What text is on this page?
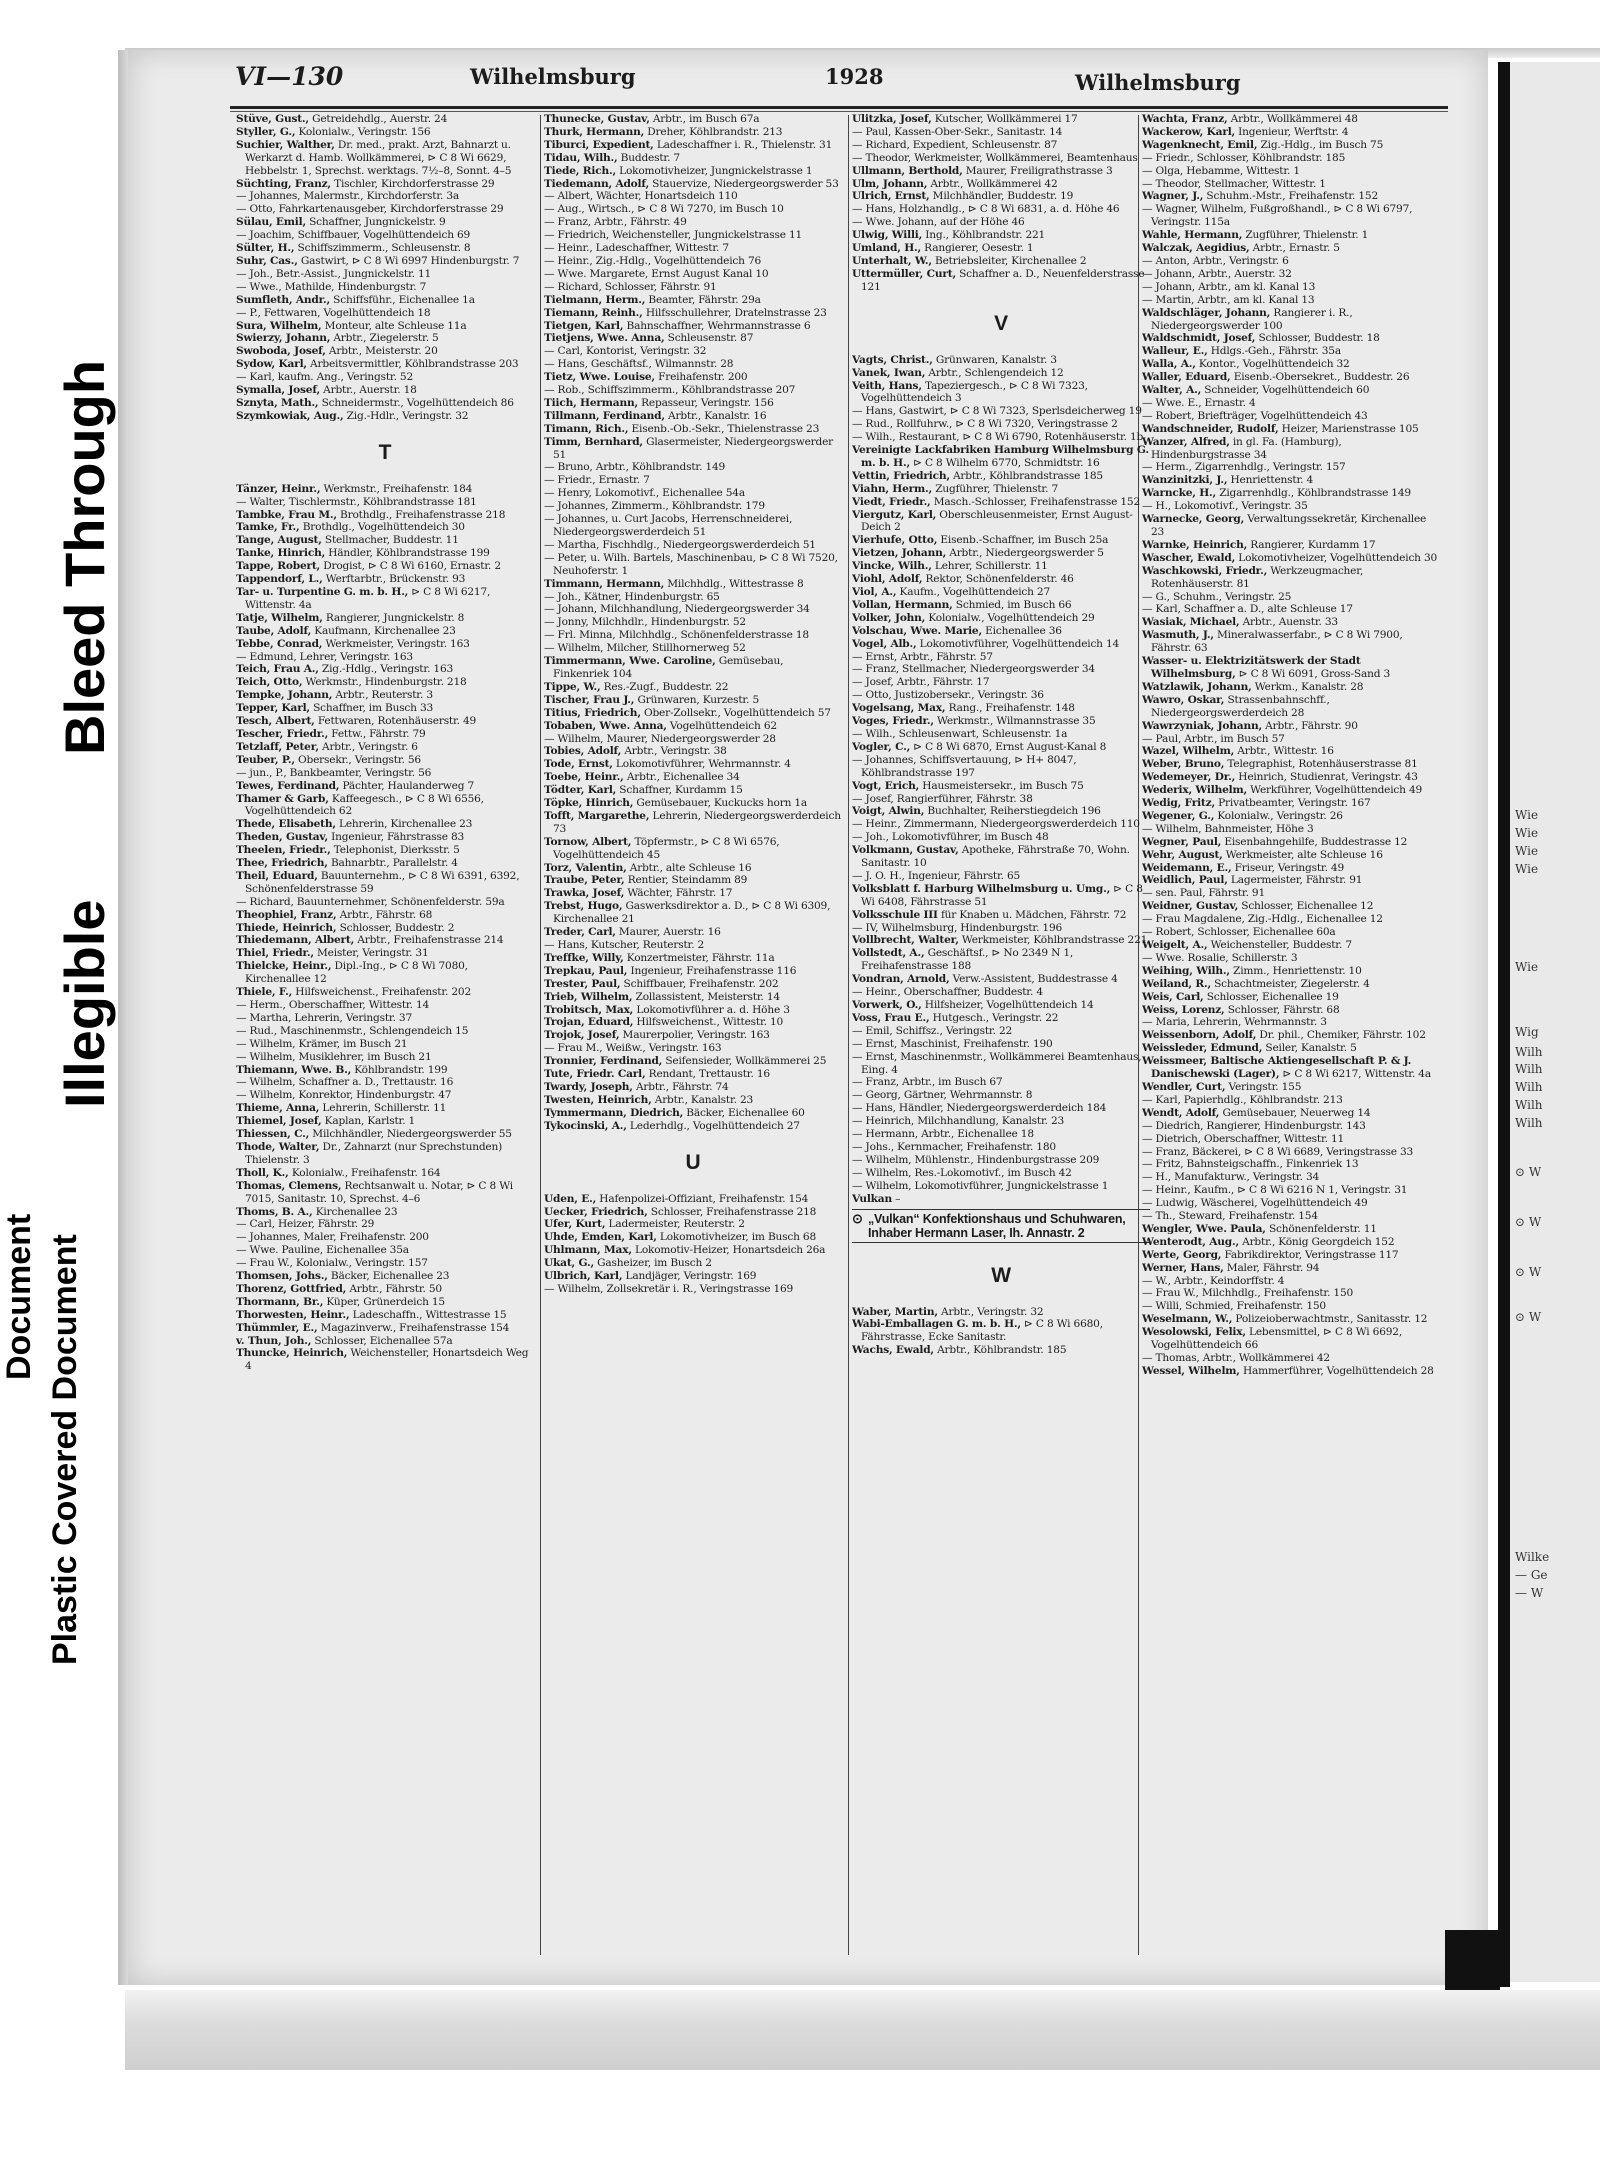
Bleed Through
Illegible
Plastic Covered Document
Document
Wie
Wie
Wie
Wie
Wie
Wig
Wilh
Wilh
Wilh
Wilh
Wilh
⊙ W
⊙ W
⊙ W
⊙ W
Wilke
— Ge
— W
VI—130	Wilhelmsburg	1928	Wilhelmsburg

Stüve, Gust., Getreidehdlg., Auerstr. 24

Styller, G., Kolonialw., Veringstr. 156

Suchier, Walther, Dr. med., prakt. Arzt, Bahnarzt u. Werkarzt d. Hamb. Wollkämmerei, ⊳ C 8 Wi 6629, Hebbelstr. 1, Sprechst. werktags. 7½–8, Sonnt. 4–5

Süchting, Franz, Tischler, Kirchdorferstrasse 29

— Johannes, Malermstr., Kirchdorferstr. 3a

— Otto, Fahrkartenausgeber, Kirchdorferstrasse 29

Sülau, Emil, Schaffner, Jungnickelstr. 9

— Joachim, Schiffbauer, Vogelhüttendeich 69

Sülter, H., Schiffszimmerm., Schleusenstr. 8

Suhr, Cas., Gastwirt, ⊳ C 8 Wi 6997 Hindenburgstr. 7

— Joh., Betr.-Assist., Jungnickelstr. 11

— Wwe., Mathilde, Hindenburgstr. 7

Sumfleth, Andr., Schiffsführ., Eichenallee 1a

— P., Fettwaren, Vogelhüttendeich 18

Sura, Wilhelm, Monteur, alte Schleuse 11a

Swierzy, Johann, Arbtr., Ziegelerstr. 5

Swoboda, Josef, Arbtr., Meisterstr. 20

Sydow, Karl, Arbeitsvermittler, Köhlbrandstrasse 203

— Karl, kaufm. Ang., Veringstr. 52

Symalla, Josef, Arbtr., Auerstr. 18

Sznyta, Math., Schneidermstr., Vogelhüttendeich 86

Szymkowiak, Aug., Zig.-Hdlr., Veringstr. 32

T

Tänzer, Heinr., Werkmstr., Freihafenstr. 184

— Walter, Tischlermstr., Köhlbrandstrasse 181

Tambke, Frau M., Brothdlg., Freihafenstrasse 218

Tamke, Fr., Brothdlg., Vogelhüttendeich 30

Tange, August, Stellmacher, Buddestr. 11

Tanke, Hinrich, Händler, Köhlbrandstrasse 199

Tappe, Robert, Drogist, ⊳ C 8 Wi 6160, Ernastr. 2

Tappendorf, L., Werftarbtr., Brückenstr. 93

Tar- u. Turpentine G. m. b. H., ⊳ C 8 Wi 6217, Wittenstr. 4a

Tatje, Wilhelm, Rangierer, Jungnickelstr. 8

Taube, Adolf, Kaufmann, Kirchenallee 23

Tebbe, Conrad, Werkmeister, Veringstr. 163

— Edmund, Lehrer, Veringstr. 163

Teich, Frau A., Zig.-Hdlg., Veringstr. 163

Teich, Otto, Werkmstr., Hindenburgstr. 218

Tempke, Johann, Arbtr., Reuterstr. 3

Tepper, Karl, Schaffner, im Busch 33

Tesch, Albert, Fettwaren, Rotenhäuserstr. 49

Tescher, Friedr., Fettw., Fährstr. 79

Tetzlaff, Peter, Arbtr., Veringstr. 6

Teuber, P., Obersekr., Veringstr. 56

— jun., P., Bankbeamter, Veringstr. 56

Tewes, Ferdinand, Pächter, Haulanderweg 7

Thamer & Garb, Kaffeegesch., ⊳ C 8 Wi 6556, Vogelhüttendeich 62

Thede, Elisabeth, Lehrerin, Kirchenallee 23

Theden, Gustav, Ingenieur, Fährstrasse 83

Theelen, Friedr., Telephonist, Dierksstr. 5

Thee, Friedrich, Bahnarbtr., Parallelstr. 4

Theil, Eduard, Bauunternehm., ⊳ C 8 Wi 6391, 6392, Schönenfelderstrasse 59

— Richard, Bauunternehmer, Schönenfelderstr. 59a

Theophiel, Franz, Arbtr., Fährstr. 68

Thiede, Heinrich, Schlosser, Buddestr. 2

Thiedemann, Albert, Arbtr., Freihafenstrasse 214

Thiel, Friedr., Meister, Veringstr. 31

Thielcke, Heinr., Dipl.-Ing., ⊳ C 8 Wi 7080, Kirchenallee 12

Thiele, F., Hilfsweichenst., Freihafenstr. 202

— Herm., Oberschaffner, Wittestr. 14

— Martha, Lehrerin, Veringstr. 37

— Rud., Maschinenmstr., Schlengendeich 15

— Wilhelm, Krämer, im Busch 21

— Wilhelm, Musiklehrer, im Busch 21

Thiemann, Wwe. B., Köhlbrandstr. 199

— Wilhelm, Schaffner a. D., Trettaustr. 16

— Wilhelm, Konrektor, Hindenburgstr. 47

Thieme, Anna, Lehrerin, Schillerstr. 11

Thiemel, Josef, Kaplan, Karlstr. 1

Thiessen, C., Milchhändler, Niedergeorgswerder 55

Thode, Walter, Dr., Zahnarzt (nur Sprechstunden) Thielenstr. 3

Tholl, K., Kolonialw., Freihafenstr. 164

Thomas, Clemens, Rechtsanwalt u. Notar, ⊳ C 8 Wi 7015, Sanitastr. 10, Sprechst. 4–6

Thoms, B. A., Kirchenallee 23

— Carl, Heizer, Fährstr. 29

— Johannes, Maler, Freihafenstr. 200

— Wwe. Pauline, Eichenallee 35a

— Frau W., Kolonialw., Veringstr. 157

Thomsen, Johs., Bäcker, Eichenallee 23

Thorenz, Gottfried, Arbtr., Fährstr. 50

Thormann, Br., Küper, Grünerdeich 15

Thorwesten, Heinr., Ladeschaffn., Wittestrasse 15

Thümmler, E., Magazinverw., Freihafenstrasse 154

v. Thun, Joh., Schlosser, Eichenallee 57a

Thuncke, Heinrich, Weichensteller, Honartsdeich Weg 4

Thunecke, Gustav, Arbtr., im Busch 67a

Thurk, Hermann, Dreher, Köhlbrandstr. 213

Tiburci, Expedient, Ladeschaffner i. R., Thielenstr. 31

Tidau, Wilh., Buddestr. 7

Tiede, Rich., Lokomotivheizer, Jungnickelstrasse 1

Tiedemann, Adolf, Stauervize, Niedergeorgswerder 53

— Albert, Wächter, Honartsdeich 110

— Aug., Wirtsch., ⊳ C 8 Wi 7270, im Busch 10

— Franz, Arbtr., Fährstr. 49

— Friedrich, Weichensteller, Jungnickelstrasse 11

— Heinr., Ladeschaffner, Wittestr. 7

— Heinr., Zig.-Hdlg., Vogelhüttendeich 76

— Wwe. Margarete, Ernst August Kanal 10

— Richard, Schlosser, Fährstr. 91

Tielmann, Herm., Beamter, Fährstr. 29a

Tiemann, Reinh., Hilfsschullehrer, Dratelnstrasse 23

Tietgen, Karl, Bahnschaffner, Wehrmannstrasse 6

Tietjens, Wwe. Anna, Schleusenstr. 87

— Carl, Kontorist, Veringstr. 32

— Hans, Geschäftsf., Wilmannstr. 28

Tietz, Wwe. Louise, Freihafenstr. 200

— Rob., Schiffszimmerm., Köhlbrandstrasse 207

Tiich, Hermann, Repasseur, Veringstr. 156

Tillmann, Ferdinand, Arbtr., Kanalstr. 16

Timann, Rich., Eisenb.-Ob.-Sekr., Thielenstrasse 23

Timm, Bernhard, Glasermeister, Niedergeorgswerder 51

— Bruno, Arbtr., Köhlbrandstr. 149

— Friedr., Ernastr. 7

— Henry, Lokomotivf., Eichenallee 54a

— Johannes, Zimmerm., Köhlbrandstr. 179

— Johannes, u. Curt Jacobs, Herrenschneiderei, Niedergeorgswerderdeich 51

— Martha, Fischhdlg., Niedergeorgswerderdeich 51

— Peter, u. Wilh. Bartels, Maschinenbau, ⊳ C 8 Wi 7520, Neuhoferstr. 1

Timmann, Hermann, Milchhdlg., Wittestrasse 8

— Joh., Kätner, Hindenburgstr. 65

— Johann, Milchhandlung, Niedergeorgswerder 34

— Jonny, Milchhdlr., Hindenburgstr. 52

— Frl. Minna, Milchhdlg., Schönenfelderstrasse 18

— Wilhelm, Milcher, Stillhornerweg 52

Timmermann, Wwe. Caroline, Gemüsebau, Finkenriek 104

Tippe, W., Res.-Zugf., Buddestr. 22

Tischer, Frau J., Grünwaren, Kurzestr. 5

Titius, Friedrich, Ober-Zollsekr., Vogelhüttendeich 57

Tobaben, Wwe. Anna, Vogelhüttendeich 62

— Wilhelm, Maurer, Niedergeorgswerder 28

Tobies, Adolf, Arbtr., Veringstr. 38

Tode, Ernst, Lokomotivführer, Wehrmannstr. 4

Toebe, Heinr., Arbtr., Eichenallee 34

Tödter, Karl, Schaffner, Kurdamm 15

Töpke, Hinrich, Gemüsebauer, Kuckucks horn 1a

Tofft, Margarethe, Lehrerin, Niedergeorgswerderdeich 73

Tornow, Albert, Töpfermstr., ⊳ C 8 Wi 6576, Vogelhüttendeich 45

Torz, Valentin, Arbtr., alte Schleuse 16

Traube, Peter, Rentier, Steindamm 89

Trawka, Josef, Wächter, Fährstr. 17

Trebst, Hugo, Gaswerksdirektor a. D., ⊳ C 8 Wi 6309, Kirchenallee 21

Treder, Carl, Maurer, Auerstr. 16

— Hans, Kutscher, Reuterstr. 2

Treffke, Willy, Konzertmeister, Fährstr. 11a

Trepkau, Paul, Ingenieur, Freihafenstrasse 116

Trester, Paul, Schiffbauer, Freihafenstr. 202

Trieb, Wilhelm, Zollassistent, Meisterstr. 14

Trobitsch, Max, Lokomotivführer a. d. Höhe 3

Trojan, Eduard, Hilfsweichenst., Wittestr. 10

Trojok, Josef, Maurerpolier, Veringstr. 163

— Frau M., Weißw., Veringstr. 163

Tronnier, Ferdinand, Seifensieder, Wollkämmerei 25

Tute, Friedr. Carl, Rendant, Trettaustr. 16

Twardy, Joseph, Arbtr., Fährstr. 74

Twesten, Heinrich, Arbtr., Kanalstr. 23

Tymmermann, Diedrich, Bäcker, Eichenallee 60

Tykocinski, A., Lederhdlg., Vogelhüttendeich 27

U

Uden, E., Hafenpolizei-Offiziant, Freihafenstr. 154

Uecker, Friedrich, Schlosser, Freihafenstrasse 218

Ufer, Kurt, Ladermeister, Reuterstr. 2

Uhde, Emden, Karl, Lokomotivheizer, im Busch 68

Uhlmann, Max, Lokomotiv-Heizer, Honartsdeich 26a

Ukat, G., Gasheizer, im Busch 2

Ulbrich, Karl, Landjäger, Veringstr. 169

— Wilhelm, Zollsekretär i. R., Veringstrasse 169

Ulitzka, Josef, Kutscher, Wollkämmerei 17

— Paul, Kassen-Ober-Sekr., Sanitastr. 14

— Richard, Expedient, Schleusenstr. 87

— Theodor, Werkmeister, Wollkämmerei, Beamtenhaus

Ullmann, Berthold, Maurer, Freiligrathstrasse 3

Ulm, Johann, Arbtr., Wollkämmerei 42

Ulrich, Ernst, Milchhändler, Buddestr. 19

— Hans, Holzhandlg., ⊳ C 8 Wi 6831, a. d. Höhe 46

— Wwe. Johann, auf der Höhe 46

Ulwig, Willi, Ing., Köhlbrandstr. 221

Umland, H., Rangierer, Oesestr. 1

Unterhalt, W., Betriebsleiter, Kirchenallee 2

Uttermüller, Curt, Schaffner a. D., Neuenfelderstrasse 121

V

Vagts, Christ., Grünwaren, Kanalstr. 3

Vanek, Iwan, Arbtr., Schlengendeich 12

Veith, Hans, Tapeziergesch., ⊳ C 8 Wi 7323, Vogelhüttendeich 3

— Hans, Gastwirt, ⊳ C 8 Wi 7323, Sperlsdeicherweg 19

— Rud., Rollfuhrw., ⊳ C 8 Wi 7320, Veringstrasse 2

— Wilh., Restaurant, ⊳ C 8 Wi 6790, Rotenhäuserstr. 1b

Vereinigte Lackfabriken Hamburg Wilhelmsburg G. m. b. H., ⊳ C 8 Wilhelm 6770, Schmidtstr. 16

Vettin, Friedrich, Arbtr., Köhlbrandstrasse 185

Viahn, Herm., Zugführer, Thielenstr. 7

Viedt, Friedr., Masch.-Schlosser, Freihafenstrasse 152

Viergutz, Karl, Oberschleusenmeister, Ernst August-Deich 2

Vierhufe, Otto, Eisenb.-Schaffner, im Busch 25a

Vietzen, Johann, Arbtr., Niedergeorgswerder 5

Vincke, Wilh., Lehrer, Schillerstr. 11

Viohl, Adolf, Rektor, Schönenfelderstr. 46

Viol, A., Kaufm., Vogelhüttendeich 27

Vollan, Hermann, Schmied, im Busch 66

Volker, John, Kolonialw., Vogelhüttendeich 29

Volschau, Wwe. Marie, Eichenallee 36

Vogel, Alb., Lokomotivführer, Vogelhüttendeich 14

— Ernst, Arbtr., Fährstr. 57

— Franz, Stellmacher, Niedergeorgswerder 34

— Josef, Arbtr., Fährstr. 17

— Otto, Justizobersekr., Veringstr. 36

Vogelsang, Max, Rang., Freihafenstr. 148

Voges, Friedr., Werkmstr., Wilmannstrasse 35

— Wilh., Schleusenwart, Schleusenstr. 1a

Vogler, C., ⊳ C 8 Wi 6870, Ernst August-Kanal 8

— Johannes, Schiffsvertauung, ⊳ H+ 8047, Köhlbrandstrasse 197

Vogt, Erich, Hausmeistersekr., im Busch 75

— Josef, Rangierführer, Fährstr. 38

Voigt, Alwin, Buchhalter, Reiherstiegdeich 196

— Heinr., Zimmermann, Niedergeorgswerderdeich 110

— Joh., Lokomotivführer, im Busch 48

Volkmann, Gustav, Apotheke, Fährstraße 70, Wohn. Sanitastr. 10

— J. O. H., Ingenieur, Fährstr. 65

Volksblatt f. Harburg Wilhelmsburg u. Umg., ⊳ C 8 Wi 6408, Fährstrasse 51

Volksschule III für Knaben u. Mädchen, Fährstr. 72

— IV, Wilhelmsburg, Hindenburgstr. 196

Vollbrecht, Walter, Werkmeister, Köhlbrandstrasse 221

Vollstedt, A., Geschäftsf., ⊳ No 2349 N 1, Freihafenstrasse 188

Vondran, Arnold, Verw.-Assistent, Buddestrasse 4

— Heinr., Oberschaffner, Buddestr. 4

Vorwerk, O., Hilfsheizer, Vogelhüttendeich 14

Voss, Frau E., Hutgesch., Veringstr. 22

— Emil, Schiffsz., Veringstr. 22

— Ernst, Maschinist, Freihafenstr. 190

— Ernst, Maschinenmstr., Wollkämmerei Beamtenhaus, Eing. 4

— Franz, Arbtr., im Busch 67

— Georg, Gärtner, Wehrmannstr. 8

— Hans, Händler, Niedergeorgswerderdeich 184

— Heinrich, Milchhandlung, Kanalstr. 23

— Hermann, Arbtr., Eichenallee 18

— Johs., Kernmacher, Freihafenstr. 180

— Wilhelm, Mühlenstr., Hindenburgstrasse 209

— Wilhelm, Res.-Lokomotivf., im Busch 42

— Wilhelm, Lokomotivführer, Jungnickelstrasse 1

Vulkan –

⊙ „Vulkan“ Konfektionshaus und Schuhwaren, Inhaber Hermann Laser, Ih. Annastr. 2
W

Waber, Martin, Arbtr., Veringstr. 32

Wabi-Emballagen G. m. b. H., ⊳ C 8 Wi 6680, Fährstrasse, Ecke Sanitastr.

Wachs, Ewald, Arbtr., Köhlbrandstr. 185

Wachta, Franz, Arbtr., Wollkämmerei 48

Wackerow, Karl, Ingenieur, Werftstr. 4

Wagenknecht, Emil, Zig.-Hdlg., im Busch 75

— Friedr., Schlosser, Köhlbrandstr. 185

— Olga, Hebamme, Wittestr. 1

— Theodor, Stellmacher, Wittestr. 1

Wagner, J., Schuhm.-Mstr., Freihafenstr. 152

— Wagner, Wilhelm, Fußgroßhandl., ⊳ C 8 Wi 6797, Veringstr. 115a

Wahle, Hermann, Zugführer, Thielenstr. 1

Walczak, Aegidius, Arbtr., Ernastr. 5

— Anton, Arbtr., Veringstr. 6

— Johann, Arbtr., Auerstr. 32

— Johann, Arbtr., am kl. Kanal 13

— Martin, Arbtr., am kl. Kanal 13

Waldschläger, Johann, Rangierer i. R., Niedergeorgswerder 100

Waldschmidt, Josef, Schlosser, Buddestr. 18

Walleur, E., Hdlgs.-Geh., Fährstr. 35a

Walla, A., Kontor., Vogelhüttendeich 32

Waller, Eduard, Eisenb.-Obersekret., Buddestr. 26

Walter, A., Schneider, Vogelhüttendeich 60

— Wwe. E., Ernastr. 4

— Robert, Briefträger, Vogelhüttendeich 43

Wandschneider, Rudolf, Heizer, Marienstrasse 105

Wanzer, Alfred, in gl. Fa. (Hamburg), Hindenburgstrasse 34

— Herm., Zigarrenhdlg., Veringstr. 157

Wanzinitzki, J., Henriettenstr. 4

Warncke, H., Zigarrenhdlg., Köhlbrandstrasse 149

— H., Lokomotivf., Veringstr. 35

Warnecke, Georg, Verwaltungssekretär, Kirchenallee 23

Warnke, Heinrich, Rangierer, Kurdamm 17

Wascher, Ewald, Lokomotivheizer, Vogelhüttendeich 30

Waschkowski, Friedr., Werkzeugmacher, Rotenhäuserstr. 81

— G., Schuhm., Veringstr. 25

— Karl, Schaffner a. D., alte Schleuse 17

Wasiak, Michael, Arbtr., Auenstr. 33

Wasmuth, J., Mineralwasserfabr., ⊳ C 8 Wi 7900, Fährstr. 63

Wasser- u. Elektrizitätswerk der Stadt Wilhelmsburg, ⊳ C 8 Wi 6091, Gross-Sand 3

Watzlawik, Johann, Werkm., Kanalstr. 28

Wawro, Oskar, Strassenbahnschff., Niedergeorgswerderdeich 28

Wawrzyniak, Johann, Arbtr., Fährstr. 90

— Paul, Arbtr., im Busch 57

Wazel, Wilhelm, Arbtr., Wittestr. 16

Weber, Bruno, Telegraphist, Rotenhäuserstrasse 81

Wedemeyer, Dr., Heinrich, Studienrat, Veringstr. 43

Wederix, Wilhelm, Werkführer, Vogelhüttendeich 49

Wedig, Fritz, Privatbeamter, Veringstr. 167

Wegener, G., Kolonialw., Veringstr. 26

— Wilhelm, Bahnmeister, Höhe 3

Wegner, Paul, Eisenbahngehilfe, Buddestrasse 12

Wehr, August, Werkmeister, alte Schleuse 16

Weidemann, E., Friseur, Veringstr. 49

Weidlich, Paul, Lagermeister, Fährstr. 91

— sen. Paul, Fährstr. 91

Weidner, Gustav, Schlosser, Eichenallee 12

— Frau Magdalene, Zig.-Hdlg., Eichenallee 12

— Robert, Schlosser, Eichenallee 60a

Weigelt, A., Weichensteller, Buddestr. 7

— Wwe. Rosalie, Schillerstr. 3

Weihing, Wilh., Zimm., Henriettenstr. 10

Weiland, R., Schachtmeister, Ziegelerstr. 4

Weis, Carl, Schlosser, Eichenallee 19

Weiss, Lorenz, Schlosser, Fährstr. 68

— Maria, Lehrerin, Wehrmannstr. 3

Weissenborn, Adolf, Dr. phil., Chemiker, Fährstr. 102

Weissleder, Edmund, Seiler, Kanalstr. 5

Weissmeer, Baltische Aktiengesellschaft P. & J. Danischewski (Lager), ⊳ C 8 Wi 6217, Wittenstr. 4a

Wendler, Curt, Veringstr. 155

— Karl, Papierhdlg., Köhlbrandstr. 213

Wendt, Adolf, Gemüsebauer, Neuerweg 14

— Diedrich, Rangierer, Hindenburgstr. 143

— Dietrich, Oberschaffner, Wittestr. 11

— Franz, Bäckerei, ⊳ C 8 Wi 6689, Veringstrasse 33

— Fritz, Bahnsteigschaffn., Finkenriek 13

— H., Manufakturw., Veringstr. 34

— Heinr., Kaufm., ⊳ C 8 Wi 6216 N 1, Veringstr. 31

— Ludwig, Wäscherei, Vogelhüttendeich 49

— Th., Steward, Freihafenstr. 154

Wengler, Wwe. Paula, Schönenfelderstr. 11

Wenterodt, Aug., Arbtr., König Georgdeich 152

Werte, Georg, Fabrikdirektor, Veringstrasse 117

Werner, Hans, Maler, Fährstr. 94

— W., Arbtr., Keindorffstr. 4

— Frau W., Milchhdlg., Freihafenstr. 150

— Willi, Schmied, Freihafenstr. 150

Weselmann, W., Polizeioberwachtmstr., Sanitasstr. 12

Wesolowski, Felix, Lebensmittel, ⊳ C 8 Wi 6692, Vogelhüttendeich 66

— Thomas, Arbtr., Wollkämmerei 42

Wessel, Wilhelm, Hammerführer, Vogelhüttendeich 28
